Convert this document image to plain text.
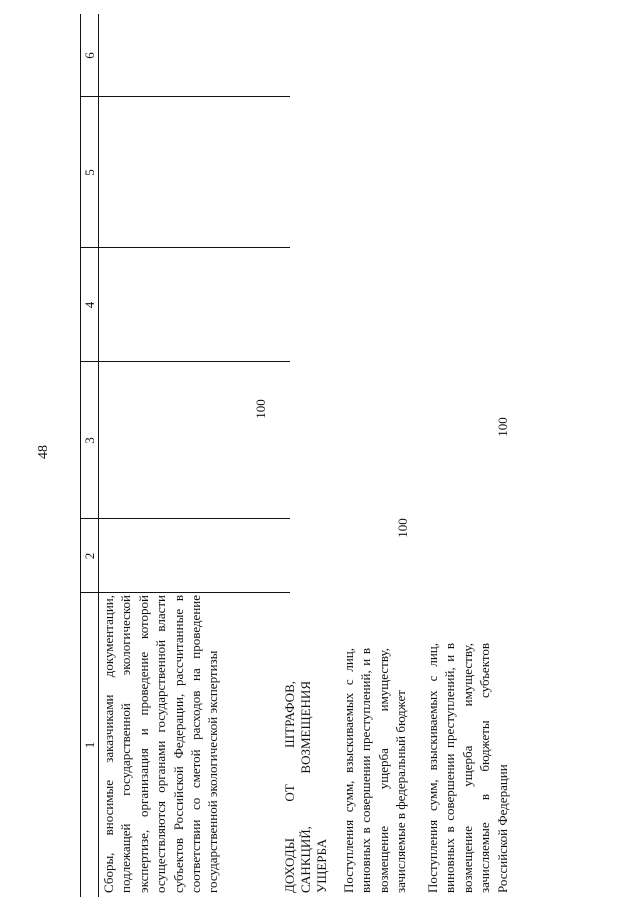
48
1
2
3
4
5
6
Сборы, вносимые заказчиками документации, подлежащей государственной экологической экспертизе, организация и проведение которой осуществляются органами государственной власти субъектов Российской Федерации, рассчитанные в соответствии со сметой расходов на проведение государственной экологической экспертизы
100
ДОХОДЫ ОТ ШТРАФОВ, САНКЦИЙ, ВОЗМЕЩЕНИЯ УЩЕРБА Поступления сумм, взыскиваемых с лиц, виновных в совершении преступлений, и в возмещение ущерба имуществу, зачисляемые в федеральный бюджет
100
Поступления сумм, взыскиваемых с лиц, виновных в совершении преступлений, и в возмещение ущерба имуществу, зачисляемые в бюджеты субъектов Российской Федерации
100
